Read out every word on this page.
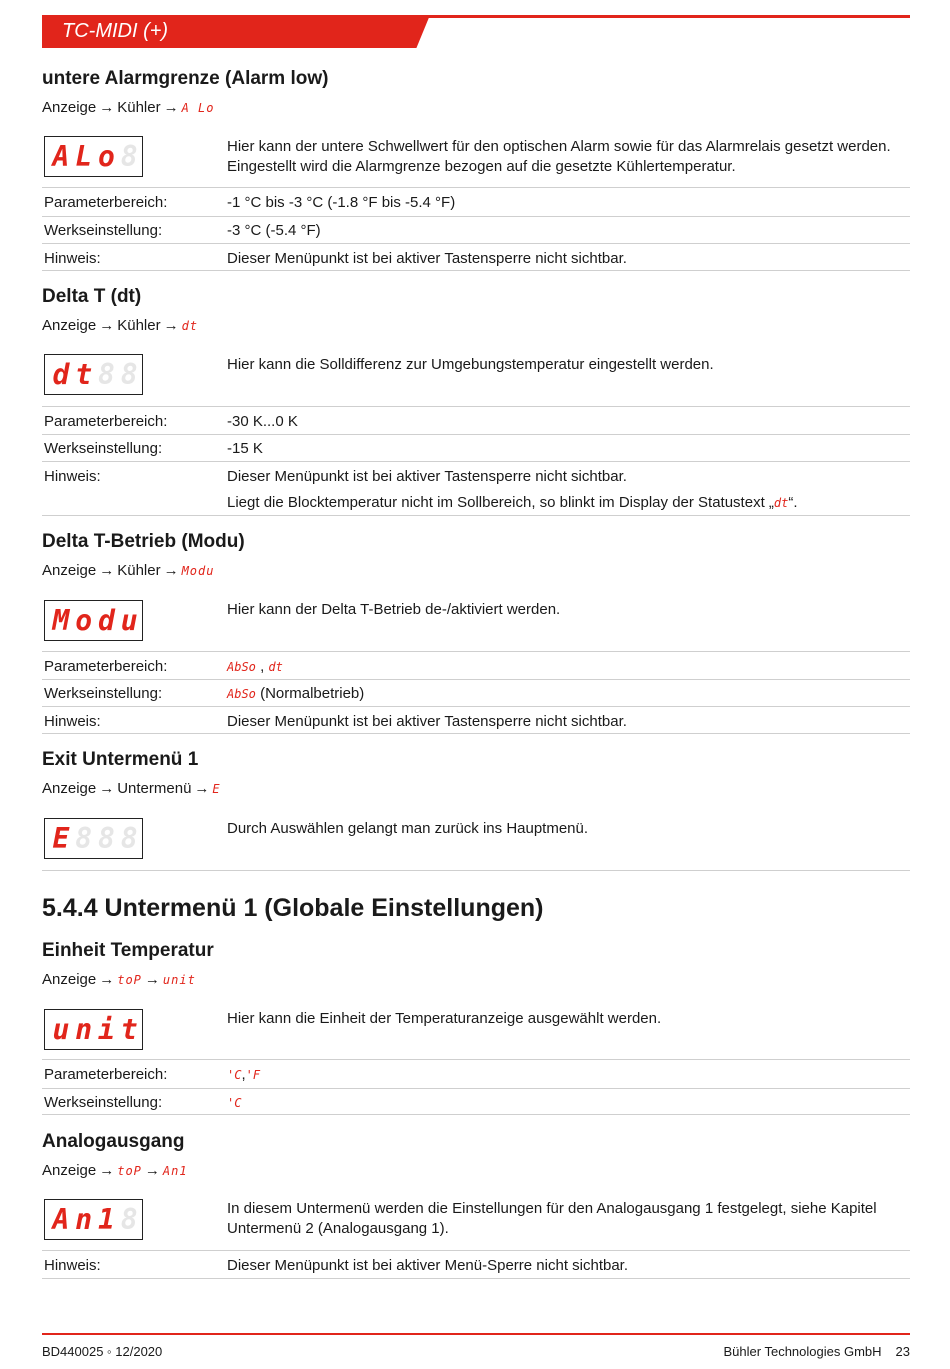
TC-MIDI (+)
untere Alarmgrenze (Alarm low)
Anzeige → Kühler → A Lo
A L o 8	Hier kann der untere Schwellwert für den optischen Alarm sowie für das Alarmrelais gesetzt werden. Eingestellt wird die Alarmgrenze bezogen auf die gesetzte Kühlertemperatur.
Parameterbereich:	-1 °C bis -3 °C (-1.8 °F bis -5.4 °F)
Werkseinstellung:	-3 °C (-5.4 °F)
Hinweis:	Dieser Menüpunkt ist bei aktiver Tastensperre nicht sichtbar.
Delta T (dt)
Anzeige → Kühler → dt
d t 8 8	Hier kann die Solldifferenz zur Umgebungstemperatur eingestellt werden.
Parameterbereich:	-30 K...0 K
Werkseinstellung:	-15 K
Hinweis:	Dieser Menüpunkt ist bei aktiver Tastensperre nicht sichtbar.
Liegt die Blocktemperatur nicht im Sollbereich, so blinkt im Display der Statustext „dt“.
Delta T-Betrieb (Modu)
Anzeige → Kühler → Modu
M o d u	Hier kann der Delta T-Betrieb de-/aktiviert werden.
Parameterbereich:	AbSo , dt
Werkseinstellung:	AbSo (Normalbetrieb)
Hinweis:	Dieser Menüpunkt ist bei aktiver Tastensperre nicht sichtbar.
Exit Untermenü 1
Anzeige → Untermenü → E
E 8 8 8	Durch Auswählen gelangt man zurück ins Hauptmenü.
5.4.4 Untermenü 1 (Globale Einstellungen)
Einheit Temperatur
Anzeige → toP → unit
u n i t	Hier kann die Einheit der Temperaturanzeige ausgewählt werden.
Parameterbereich:	'C,'F
Werkseinstellung:	'C
Analogausgang
Anzeige → toP → An1
A n 1 8	In diesem Untermenü werden die Einstellungen für den Analogausgang 1 festgelegt, siehe Kapitel Untermenü 2 (Analogausgang 1).
Hinweis:	Dieser Menüpunkt ist bei aktiver Menü-Sperre nicht sichtbar.
BD440025 ◦ 12/2020	Bühler Technologies GmbH 23
